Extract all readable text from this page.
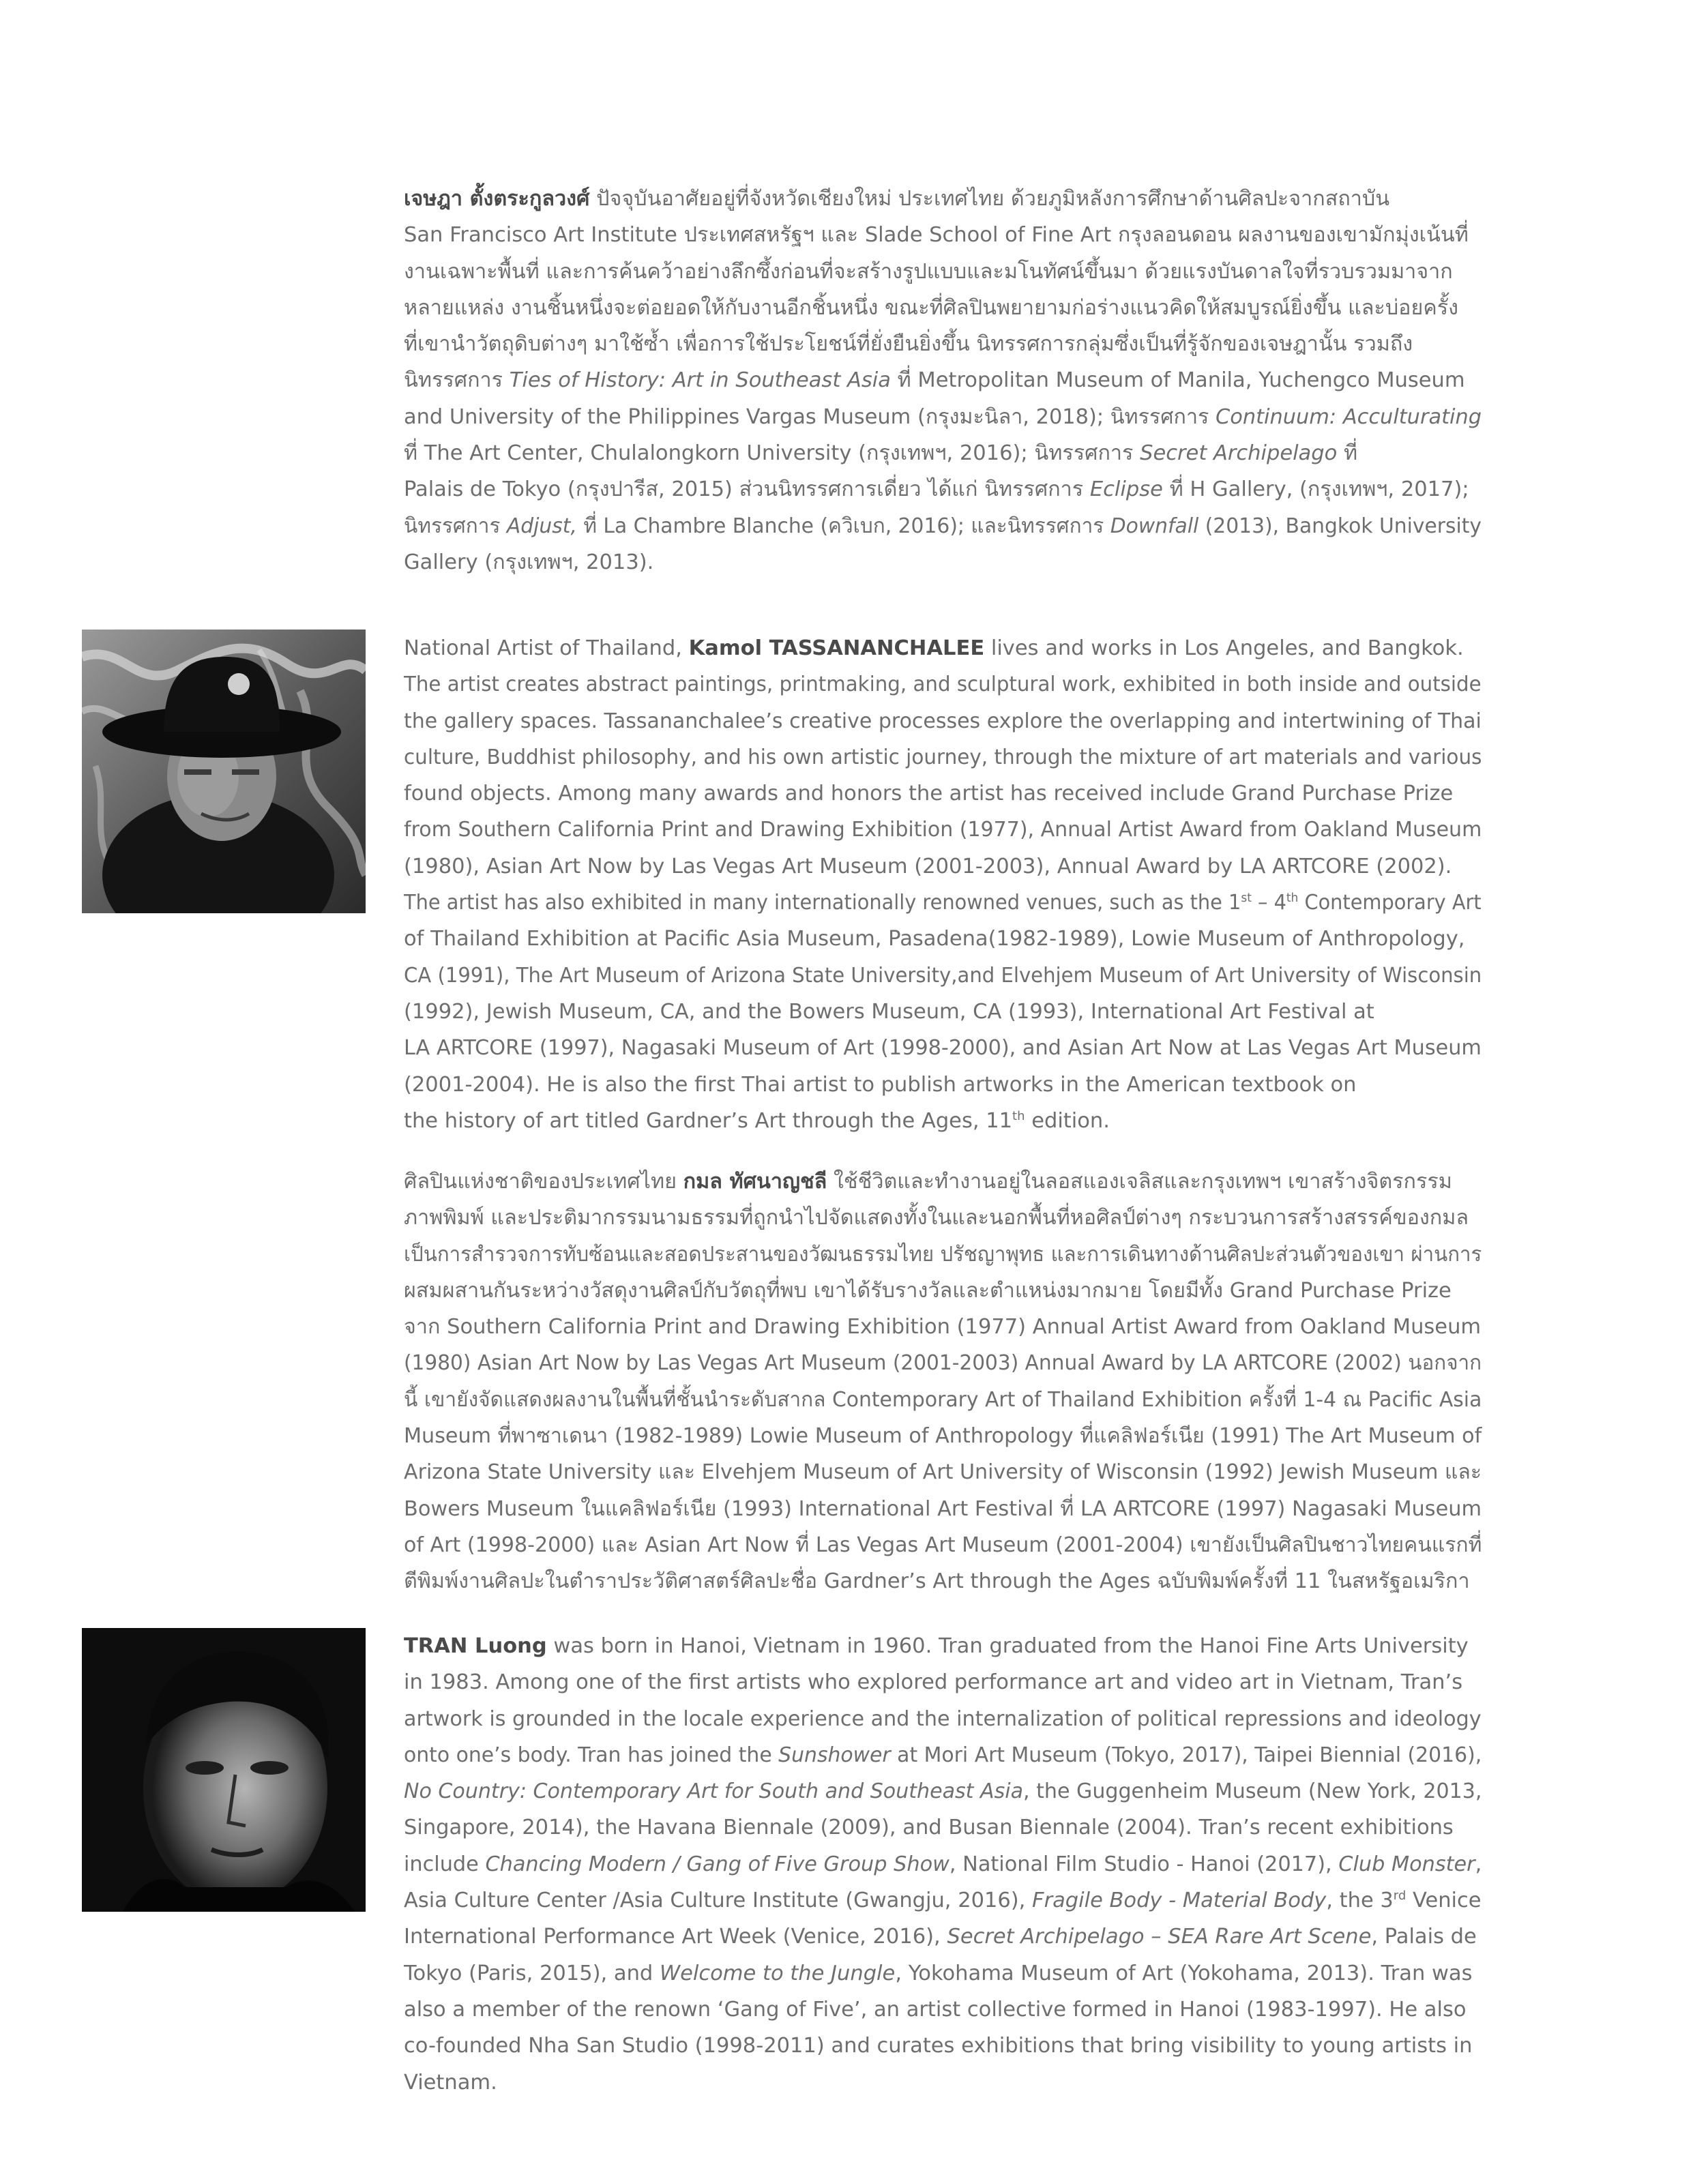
เจษฎา ตั้งตระกูลวงศ์ ปัจจุบันอาศัยอยู่ที่จังหวัดเชียงใหม่ ประเทศไทย ด้วยภูมิหลังการศึกษาด้านศิลปะจากสถาบัน
San Francisco Art Institute ประเทศสหรัฐฯ และ Slade School of Fine Art กรุงลอนดอน ผลงานของเขามักมุ่งเน้นที่
งานเฉพาะพื้นที่ และการค้นคว้าอย่างลึกซึ้งก่อนที่จะสร้างรูปแบบและมโนทัศน์ขึ้นมา ด้วยแรงบันดาลใจที่รวบรวมมาจาก
หลายแหล่ง งานชิ้นหนึ่งจะต่อยอดให้กับงานอีกชิ้นหนึ่ง ขณะที่ศิลปินพยายามก่อร่างแนวคิดให้สมบูรณ์ยิ่งขึ้น และบ่อยครั้ง
ที่เขานำวัตถุดิบต่างๆ มาใช้ซ้ำ เพื่อการใช้ประโยชน์ที่ยั่งยืนยิ่งขึ้น นิทรรศการกลุ่มซึ่งเป็นที่รู้จักของเจษฎานั้น รวมถึง
นิทรรศการ Ties of History: Art in Southeast Asia ที่ Metropolitan Museum of Manila, Yuchengco Museum
and University of the Philippines Vargas Museum (กรุงมะนิลา, 2018); นิทรรศการ Continuum: Acculturating
ที่ The Art Center, Chulalongkorn University (กรุงเทพฯ, 2016); นิทรรศการ Secret Archipelago ที่
Palais de Tokyo (กรุงปารีส, 2015) ส่วนนิทรรศการเดี่ยว ได้แก่ นิทรรศการ Eclipse ที่ H Gallery, (กรุงเทพฯ, 2017);
นิทรรศการ Adjust, ที่ La Chambre Blanche (ควิเบก, 2016); และนิทรรศการ Downfall (2013), Bangkok University
Gallery (กรุงเทพฯ, 2013).
National Artist of Thailand, Kamol TASSANANCHALEE lives and works in Los Angeles, and Bangkok.
The artist creates abstract paintings, printmaking, and sculptural work, exhibited in both inside and outside
the gallery spaces. Tassananchalee’s creative processes explore the overlapping and intertwining of Thai
culture, Buddhist philosophy, and his own artistic journey, through the mixture of art materials and various
found objects. Among many awards and honors the artist has received include Grand Purchase Prize
from Southern California Print and Drawing Exhibition (1977), Annual Artist Award from Oakland Museum
(1980), Asian Art Now by Las Vegas Art Museum (2001-2003), Annual Award by LA ARTCORE (2002).
The artist has also exhibited in many internationally renowned venues, such as the 1st – 4th Contemporary Art
of Thailand Exhibition at Pacific Asia Museum, Pasadena(1982-1989), Lowie Museum of Anthropology,
CA (1991), The Art Museum of Arizona State University,and Elvehjem Museum of Art University of Wisconsin
(1992), Jewish Museum, CA, and the Bowers Museum, CA (1993), International Art Festival at
LA ARTCORE (1997), Nagasaki Museum of Art (1998-2000), and Asian Art Now at Las Vegas Art Museum
(2001-2004). He is also the first Thai artist to publish artworks in the American textbook on
the history of art titled Gardner’s Art through the Ages, 11th edition.
ศิลปินแห่งชาติของประเทศไทย กมล ทัศนาญชลี ใช้ชีวิตและทำงานอยู่ในลอสแองเจลิสและกรุงเทพฯ เขาสร้างจิตรกรรม
ภาพพิมพ์ และประติมากรรมนามธรรมที่ถูกนำไปจัดแสดงทั้งในและนอกพื้นที่หอศิลป์ต่างๆ กระบวนการสร้างสรรค์ของกมล
เป็นการสำรวจการทับซ้อนและสอดประสานของวัฒนธรรมไทย ปรัชญาพุทธ และการเดินทางด้านศิลปะส่วนตัวของเขา ผ่านการ
ผสมผสานกันระหว่างวัสดุงานศิลป์กับวัตถุที่พบ เขาได้รับรางวัลและตำแหน่งมากมาย โดยมีทั้ง Grand Purchase Prize
จาก Southern California Print and Drawing Exhibition (1977) Annual Artist Award from Oakland Museum
(1980) Asian Art Now by Las Vegas Art Museum (2001-2003) Annual Award by LA ARTCORE (2002) นอกจาก
นี้ เขายังจัดแสดงผลงานในพื้นที่ชั้นนำระดับสากล Contemporary Art of Thailand Exhibition ครั้งที่ 1-4 ณ Pacific Asia
Museum ที่พาซาเดนา (1982-1989) Lowie Museum of Anthropology ที่แคลิฟอร์เนีย (1991) The Art Museum of
Arizona State University และ Elvehjem Museum of Art University of Wisconsin (1992) Jewish Museum และ
Bowers Museum ในแคลิฟอร์เนีย (1993) International Art Festival ที่ LA ARTCORE (1997) Nagasaki Museum
of Art (1998-2000) และ Asian Art Now ที่ Las Vegas Art Museum (2001-2004) เขายังเป็นศิลปินชาวไทยคนแรกที่
ตีพิมพ์งานศิลปะในตำราประวัติศาสตร์ศิลปะชื่อ Gardner’s Art through the Ages ฉบับพิมพ์ครั้งที่ 11 ในสหรัฐอเมริกา
TRAN Luong was born in Hanoi, Vietnam in 1960. Tran graduated from the Hanoi Fine Arts University
in 1983. Among one of the first artists who explored performance art and video art in Vietnam, Tran’s
artwork is grounded in the locale experience and the internalization of political repressions and ideology
onto one’s body. Tran has joined the Sunshower at Mori Art Museum (Tokyo, 2017), Taipei Biennial (2016),
No Country: Contemporary Art for South and Southeast Asia, the Guggenheim Museum (New York, 2013,
Singapore, 2014), the Havana Biennale (2009), and Busan Biennale (2004). Tran’s recent exhibitions
include Chancing Modern / Gang of Five Group Show, National Film Studio - Hanoi (2017), Club Monster,
Asia Culture Center /Asia Culture Institute (Gwangju, 2016), Fragile Body - Material Body, the 3rd Venice
International Performance Art Week (Venice, 2016), Secret Archipelago – SEA Rare Art Scene, Palais de
Tokyo (Paris, 2015), and Welcome to the Jungle, Yokohama Museum of Art (Yokohama, 2013). Tran was
also a member of the renown ‘Gang of Five’, an artist collective formed in Hanoi (1983-1997). He also
co-founded Nha San Studio (1998-2011) and curates exhibitions that bring visibility to young artists in
Vietnam.
